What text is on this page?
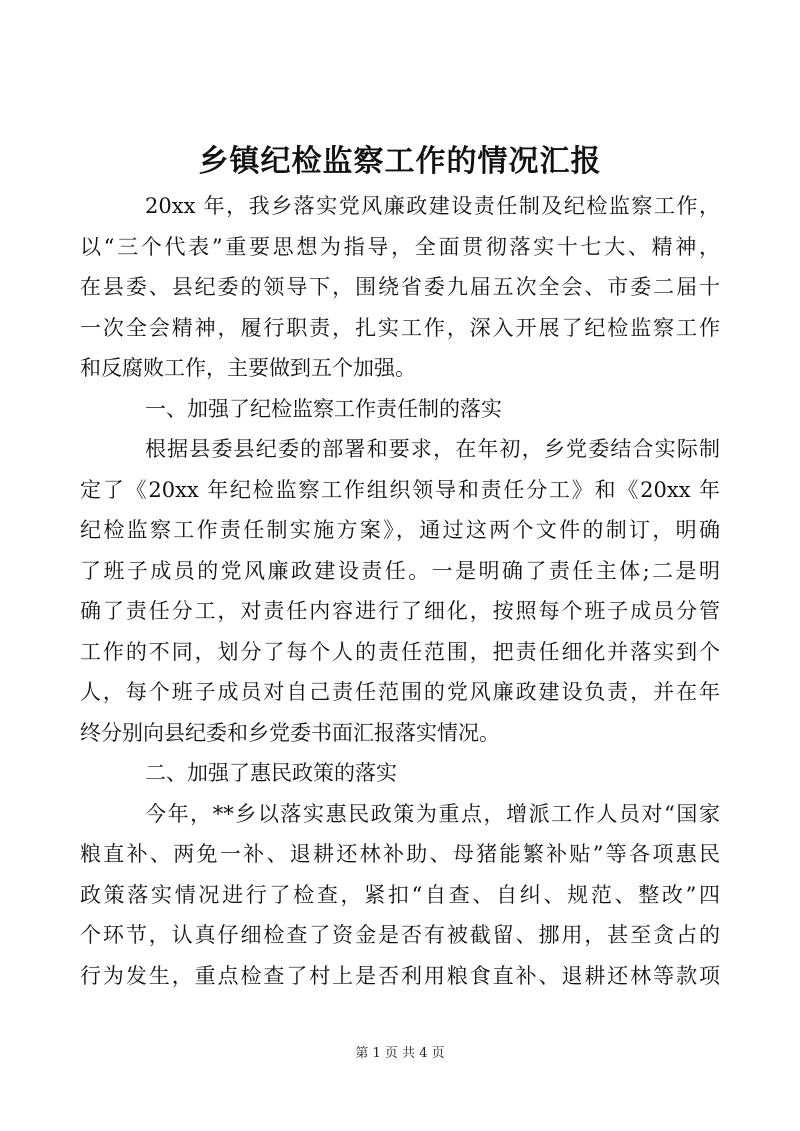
乡镇纪检监察工作的情况汇报
20xx 年，我乡落实党风廉政建设责任制及纪检监察工作，
以“三个代表”重要思想为指导，全面贯彻落实十七大、精神，
在县委、县纪委的领导下，围绕省委九届五次全会、市委二届十
一次全会精神，履行职责，扎实工作，深入开展了纪检监察工作
和反腐败工作，主要做到五个加强。
一、加强了纪检监察工作责任制的落实
根据县委县纪委的部署和要求，在年初，乡党委结合实际制
定了《20xx 年纪检监察工作组织领导和责任分工》和《20xx 年
纪检监察工作责任制实施方案》，通过这两个文件的制订，明确
了班子成员的党风廉政建设责任。一是明确了责任主体;二是明
确了责任分工，对责任内容进行了细化，按照每个班子成员分管
工作的不同，划分了每个人的责任范围，把责任细化并落实到个
人，每个班子成员对自己责任范围的党风廉政建设负责，并在年
终分别向县纪委和乡党委书面汇报落实情况。
二、加强了惠民政策的落实
今年，**乡以落实惠民政策为重点，增派工作人员对“国家
粮直补、两免一补、退耕还林补助、母猪能繁补贴”等各项惠民
政策落实情况进行了检查，紧扣“自查、自纠、规范、整改”四
个环节，认真仔细检查了资金是否有被截留、挪用，甚至贪占的
行为发生，重点检查了村上是否利用粮食直补、退耕还林等款项
第 1 页 共 4 页
